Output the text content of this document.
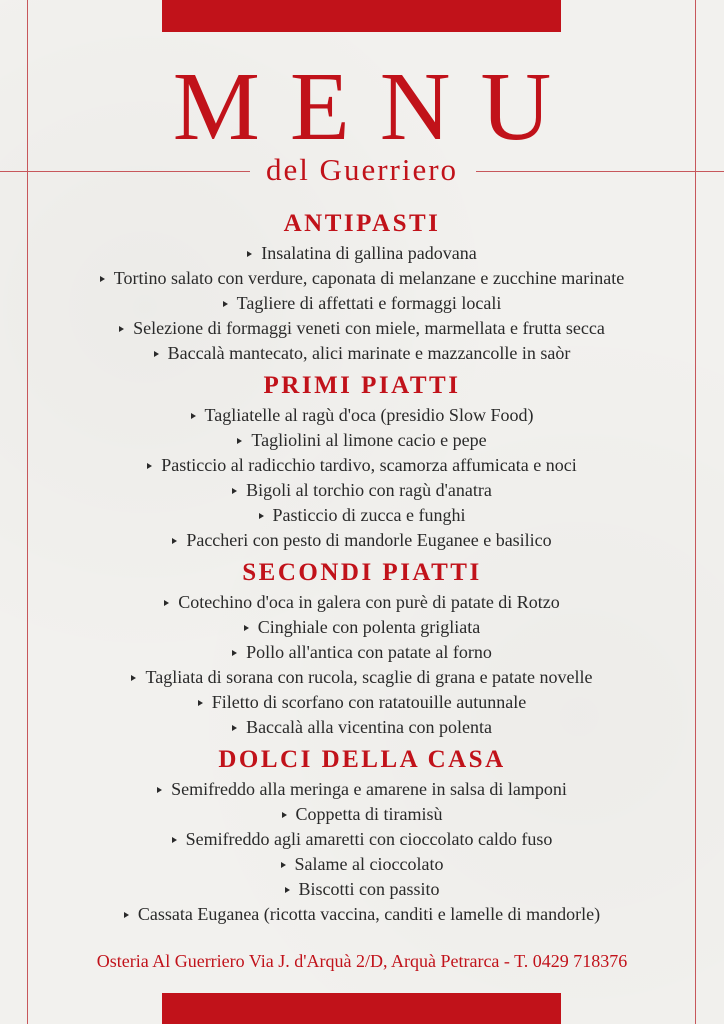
MENU
del Guerriero
ANTIPASTI
Insalatina di gallina padovana
Tortino salato con verdure, caponata di melanzane e zucchine marinate
Tagliere di affettati e formaggi locali
Selezione di formaggi veneti con miele, marmellata e frutta secca
Baccalà mantecato, alici marinate e mazzancolle in saòr
PRIMI PIATTI
Tagliatelle al ragù d'oca (presidio Slow Food)
Tagliolini al limone cacio e pepe
Pasticcio al radicchio tardivo, scamorza affumicata e noci
Bigoli al torchio con ragù d'anatra
Pasticcio di zucca e funghi
Paccheri con pesto di mandorle Euganee e basilico
SECONDI PIATTI
Cotechino d'oca in galera con purè di patate di Rotzo
Cinghiale con polenta grigliata
Pollo all'antica con patate al forno
Tagliata di sorana con rucola, scaglie di grana e patate novelle
Filetto di scorfano con ratatouille autunnale
Baccalà alla vicentina con polenta
DOLCI DELLA CASA
Semifreddo alla meringa e amarene in salsa di lamponi
Coppetta di tiramisù
Semifreddo agli amaretti con cioccolato caldo fuso
Salame al cioccolato
Biscotti con passito
Cassata Euganea (ricotta vaccina, canditi e lamelle di mandorle)
Osteria Al Guerriero Via J. d'Arquà 2/D, Arquà Petrarca - T. 0429 718376
